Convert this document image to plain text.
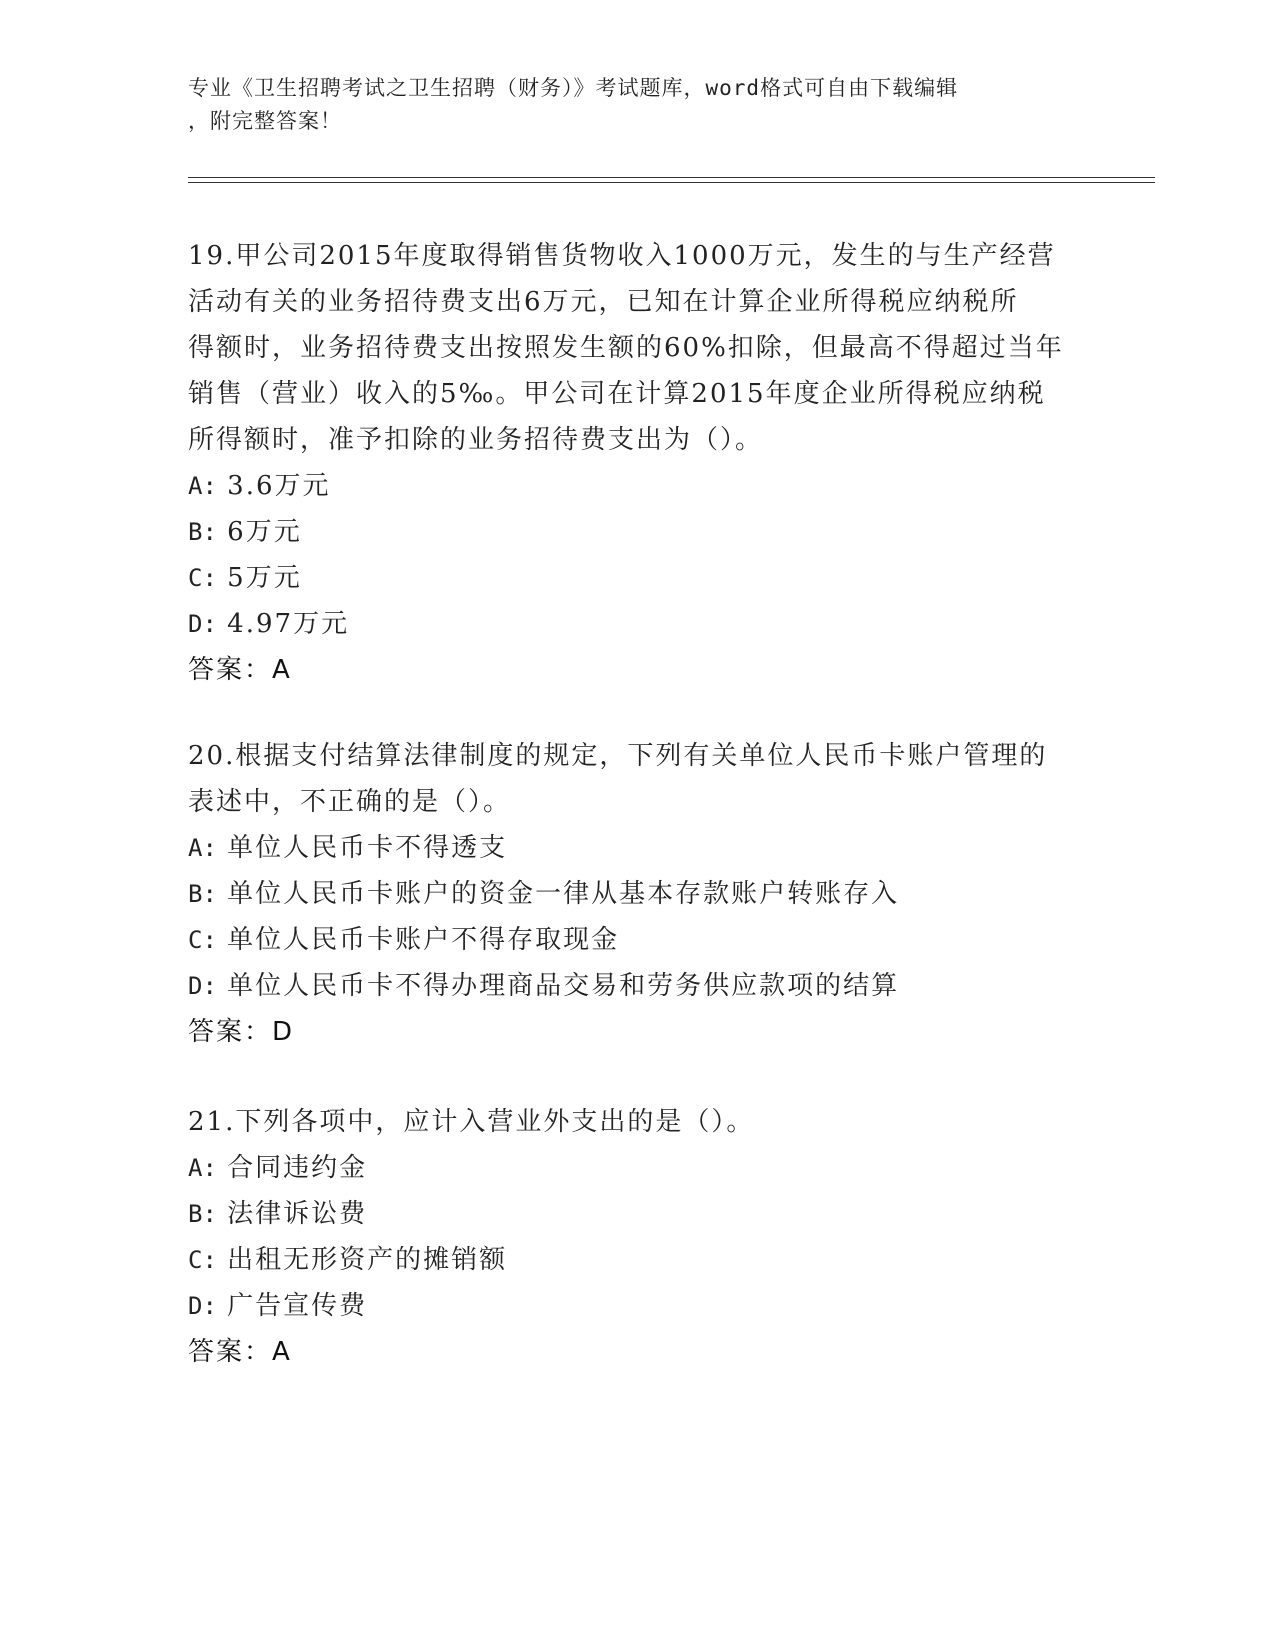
专业《卫生招聘考试之卫生招聘（财务）》考试题库，word格式可自由下载编辑
，附完整答案！
19.甲公司2015年度取得销售货物收入1000万元，发生的与生产经营
活动有关的业务招待费支出6万元，已知在计算企业所得税应纳税所
得额时，业务招待费支出按照发生额的60%扣除，但最高不得超过当年
销售（营业）收入的5‰。甲公司在计算2015年度企业所得税应纳税
所得额时，准予扣除的业务招待费支出为（）。
A: 3.6万元
B: 6万元
C: 5万元
D: 4.97万元
答案：A
20.根据支付结算法律制度的规定，下列有关单位人民币卡账户管理的
表述中，不正确的是（）。
A: 单位人民币卡不得透支
B: 单位人民币卡账户的资金一律从基本存款账户转账存入
C: 单位人民币卡账户不得存取现金
D: 单位人民币卡不得办理商品交易和劳务供应款项的结算
答案：D
21.下列各项中，应计入营业外支出的是（）。
A: 合同违约金
B: 法律诉讼费
C: 出租无形资产的摊销额
D: 广告宣传费
答案：A
